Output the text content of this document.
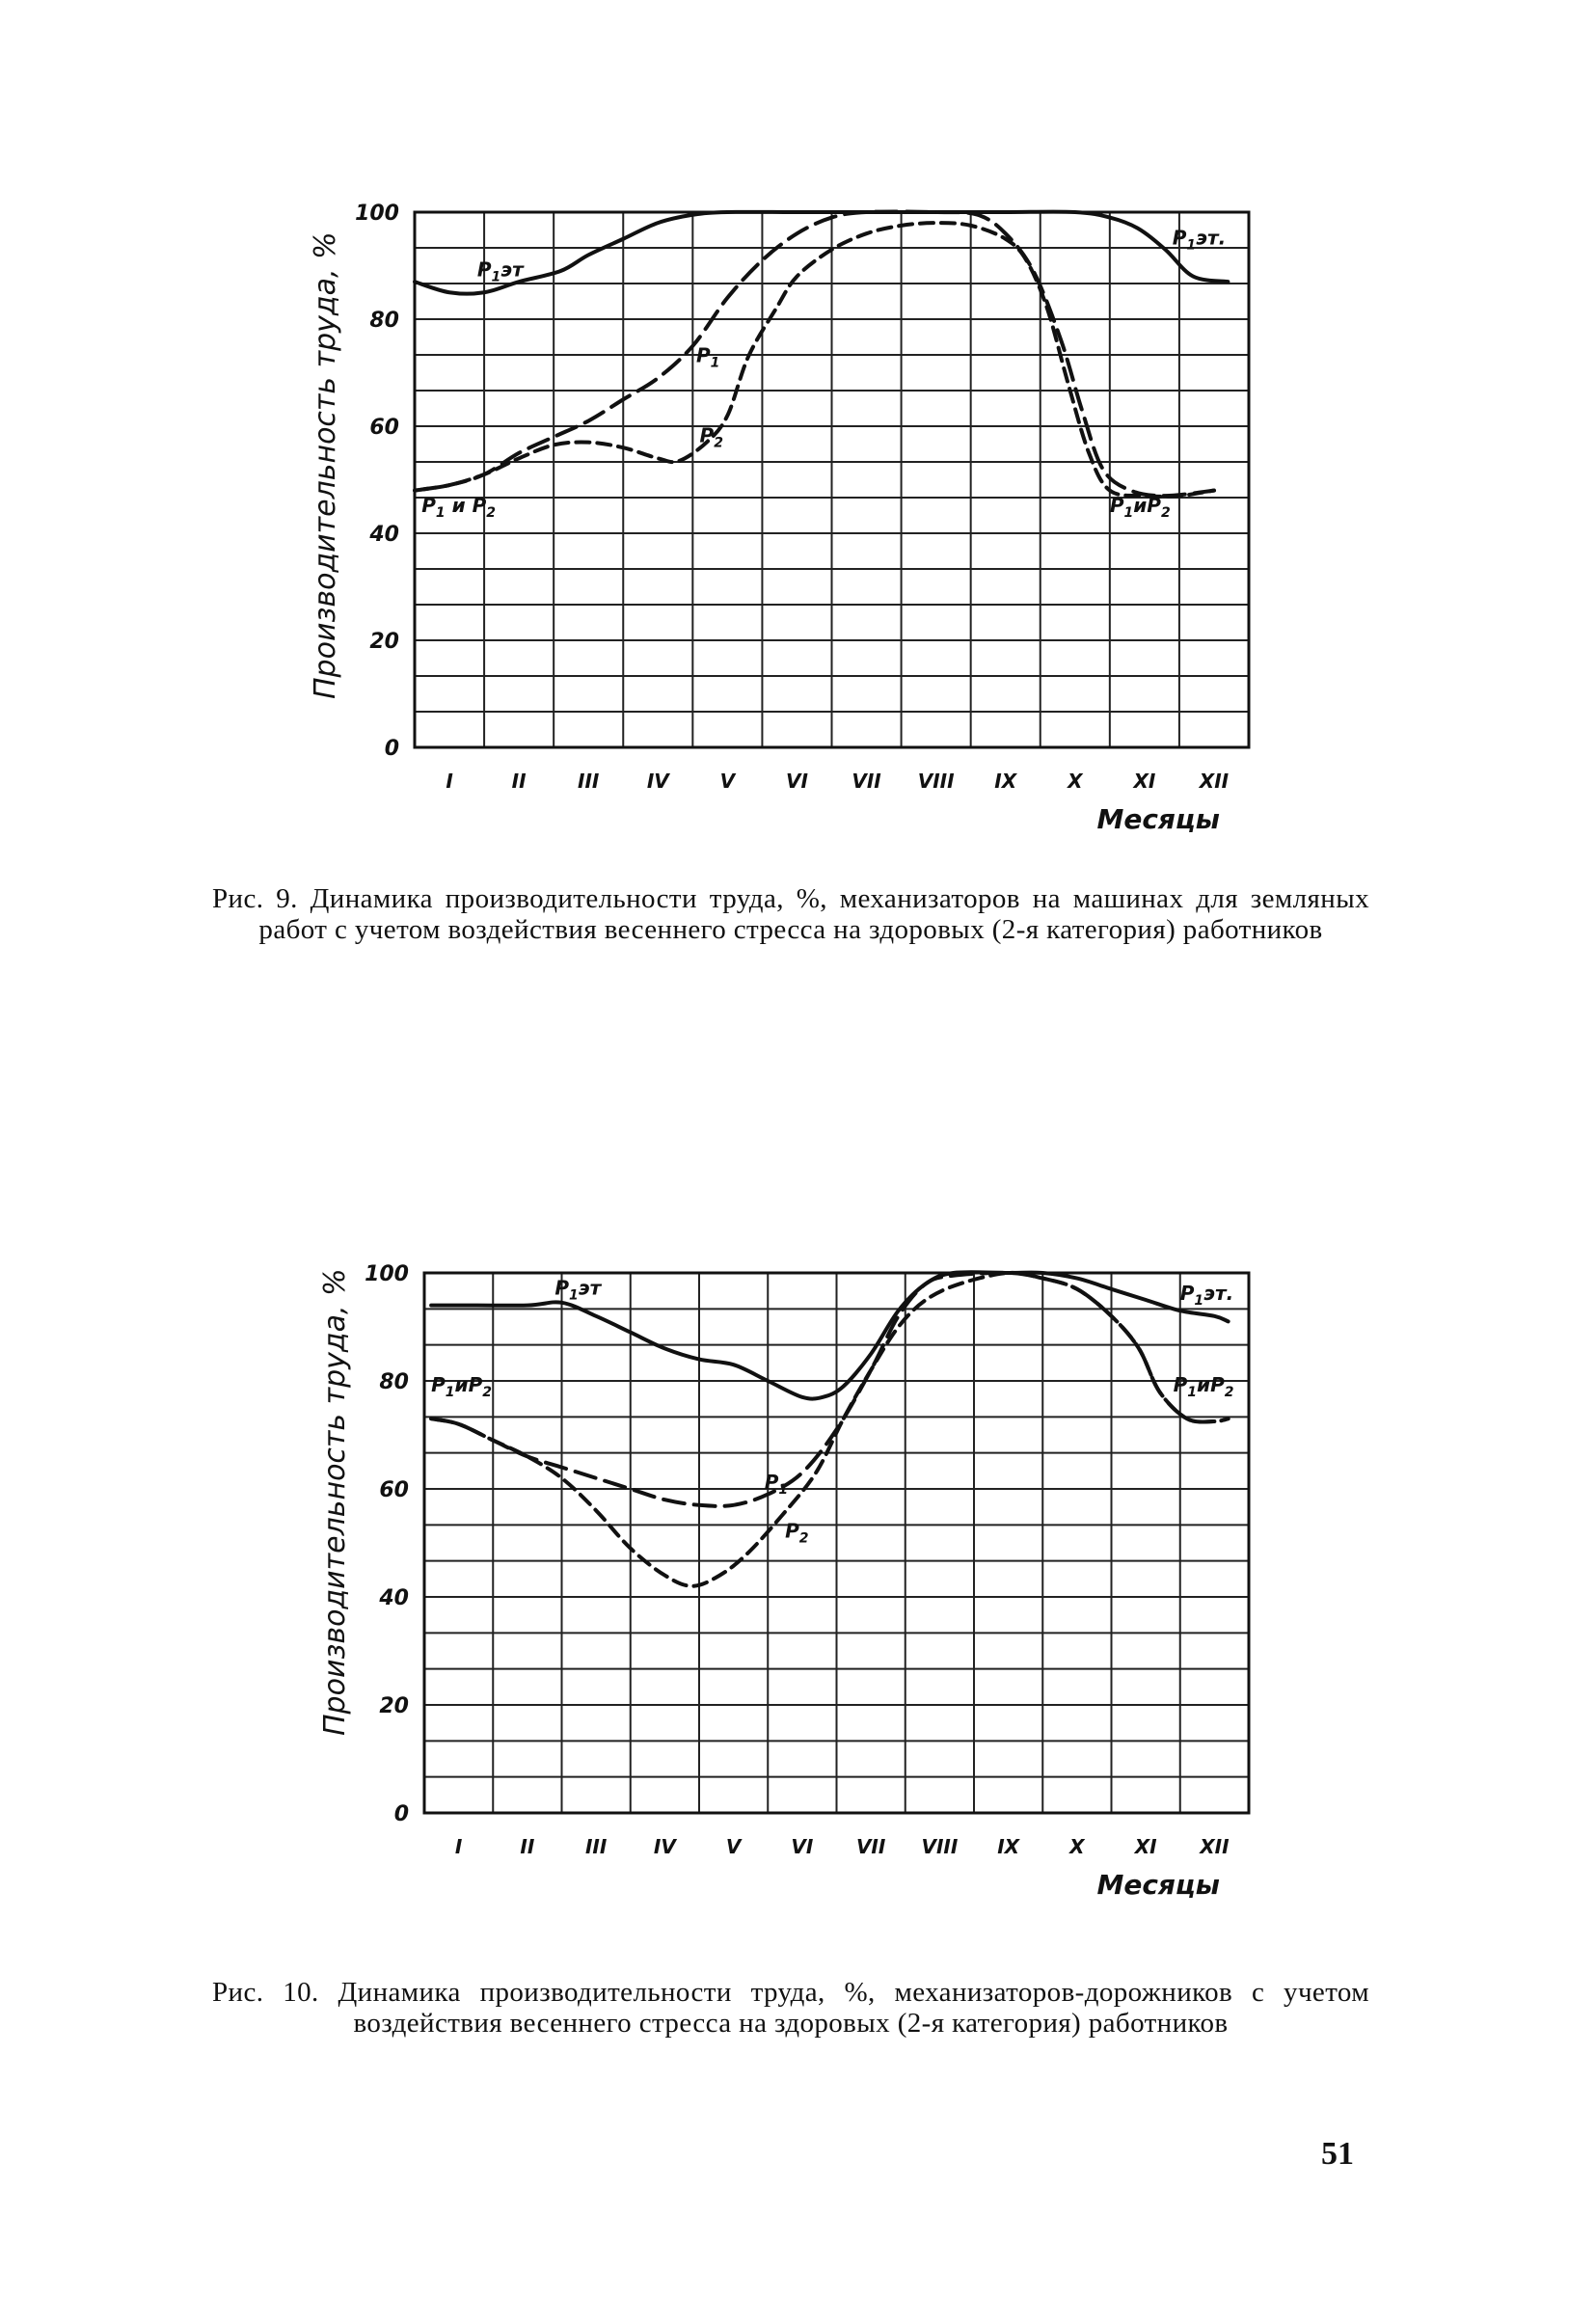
Производительность труда, %
100
80
60
40
20
0
I	II	III IV	V	VI VII VIII IX	X	XI XII
Месяцы
$P_1эт$
$P_1эт$.
$P_1$
$P_2$
$P_1$ и $P_2$	$P_1иP_2$
Рис. 9. Динамика производительности труда, %, механизаторов на машинах для земляных работ с учетом воздействия весеннего стресса на здоровых (2-я категория) работников
Производительность труда, % 100
80
60
40
20
0
I	II	III IV	V	VI VII VIII IX	X	XI XII
Месяцы
$P_1эт$	$P_1эт$.
$P_1иP_2$	$P_1иP_2$
$P_1$
$P_2$
Рис. 10. Динамика производительности труда, %, механизаторов-дорожников с учетом воздействия весеннего стресса на здоровых (2-я категория) работников
51
